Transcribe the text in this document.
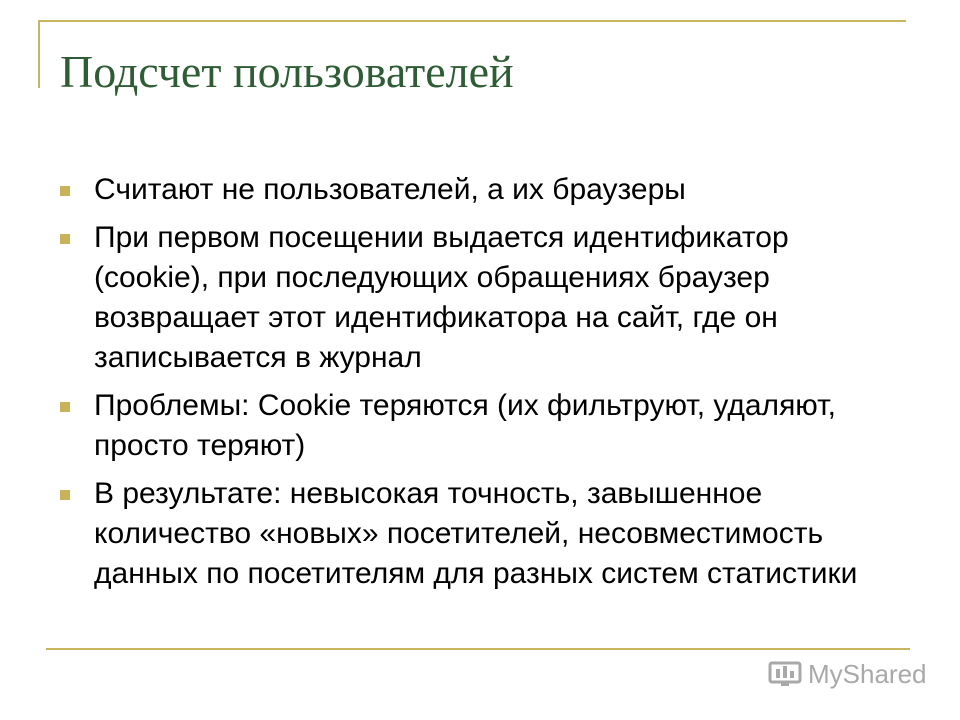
Подсчет пользователей
Считают не пользователей, а их браузеры
При первом посещении выдается идентификатор (cookie), при последующих обращениях браузер возвращает этот идентификатора на сайт, где он записывается в журнал
Проблемы: Cookie теряются (их фильтруют, удаляют, просто теряют)
В результате: невысокая точность, завышенное количество «новых» посетителей, несовместимость данных по посетителям для разных систем статистики
MyShared
